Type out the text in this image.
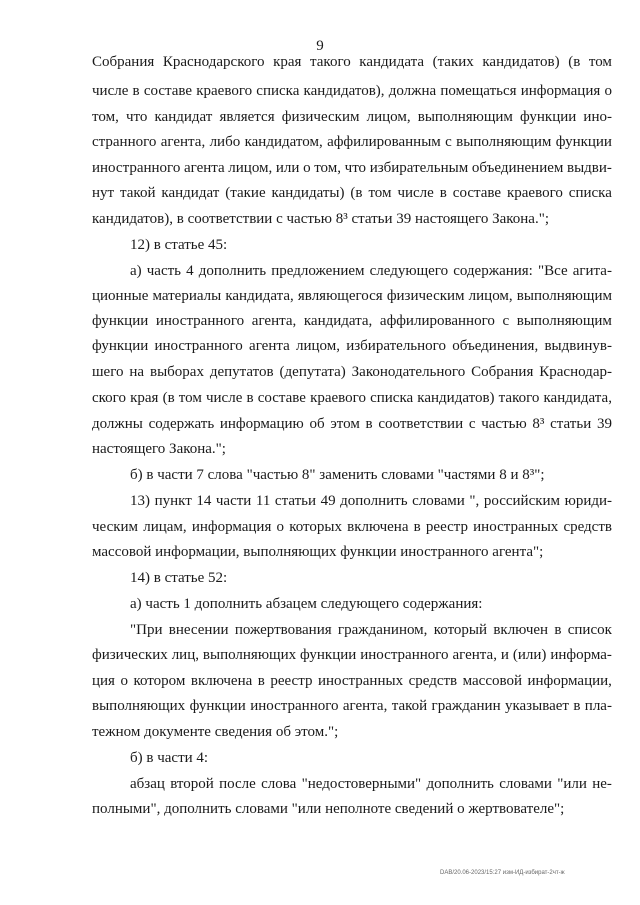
9
Собрания Краснодарского края такого кандидата (таких кандидатов) (в том
числе в составе краевого списка кандидатов), должна помещаться информация о
том, что кандидат является физическим лицом, выполняющим функции ино-
странного агента, либо кандидатом, аффилированным с выполняющим функции
иностранного агента лицом, или о том, что избирательным объединением выдви-
нут такой кандидат (такие кандидаты) (в том числе в составе краевого списка
кандидатов), в соответствии с частью 8³ статьи 39 настоящего Закона.";
12) в статье 45:
а) часть 4 дополнить предложением следующего содержания: "Все агита-
ционные материалы кандидата, являющегося физическим лицом, выполняющим
функции иностранного агента, кандидата, аффилированного с выполняющим
функции иностранного агента лицом, избирательного объединения, выдвинув-
шего на выборах депутатов (депутата) Законодательного Собрания Краснодар-
ского края (в том числе в составе краевого списка кандидатов) такого кандидата,
должны содержать информацию об этом в соответствии с частью 8³ статьи 39
настоящего Закона.";
б) в части 7 слова "частью 8" заменить словами "частями 8 и 8³";
13) пункт 14 части 11 статьи 49 дополнить словами ", российским юриди-
ческим лицам, информация о которых включена в реестр иностранных средств
массовой информации, выполняющих функции иностранного агента";
14) в статье 52:
а) часть 1 дополнить абзацем следующего содержания:
"При внесении пожертвования гражданином, который включен в список
физических лиц, выполняющих функции иностранного агента, и (или) информа-
ция о котором включена в реестр иностранных средств массовой информации,
выполняющих функции иностранного агента, такой гражданин указывает в пла-
тежном документе сведения об этом.";
б) в части 4:
абзац второй после слова "недостоверными" дополнить словами "или не-
полными", дополнить словами "или неполноте сведений о жертвователе";
DAB/20.06-2023/15:27 изм-ИД-избират-2чт-ж
